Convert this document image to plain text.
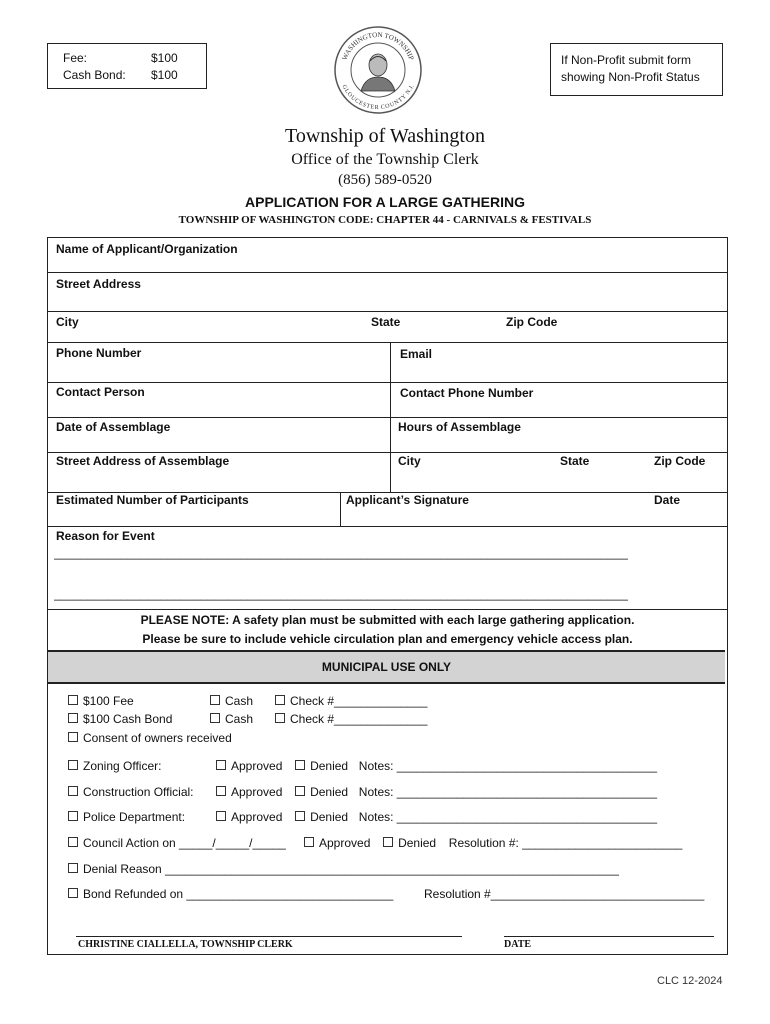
Fee:	$100
Cash Bond: $100
If Non-Profit submit form
showing Non-Profit Status
WASHINGTON TOWNSHIP
GLOUCESTER COUNTY N.J.
Township of Washington
Office of the Township Clerk
(856) 589-0520
APPLICATION FOR A LARGE GATHERING
TOWNSHIP OF WASHINGTON CODE: CHAPTER 44 - CARNIVALS & FESTIVALS
Name of Applicant/Organization
Street Address
City	State	Zip Code
Phone Number	Email
Contact Person	Contact Phone Number
Date of Assemblage	Hours of Assemblage
Street Address of Assemblage	City	State	Zip Code
Estimated Number of Participants	Applicant’s Signature	Date
Reason for Event
______________________________________________________________________________________
______________________________________________________________________________________
PLEASE NOTE: A safety plan must be submitted with each large gathering application.
Please be sure to include vehicle circulation plan and emergency vehicle access plan.
MUNICIPAL USE ONLY
$100 Fee	Cash	Check #______________
$100 Cash Bond	Cash	Check #______________
Consent of owners received
Zoning Officer:	Approved Denied Notes: _______________________________________
Construction Official:	Approved Denied Notes: _______________________________________
Police Department:	Approved Denied Notes: _______________________________________
Council Action on _____/_____/_____	Approved Denied Resolution #: ________________________
Denial Reason ____________________________________________________________________
Bond Refunded on _______________________________	Resolution #________________________________
CHRISTINE CIALLELLA, TOWNSHIP CLERK	DATE
CLC 12-2024
